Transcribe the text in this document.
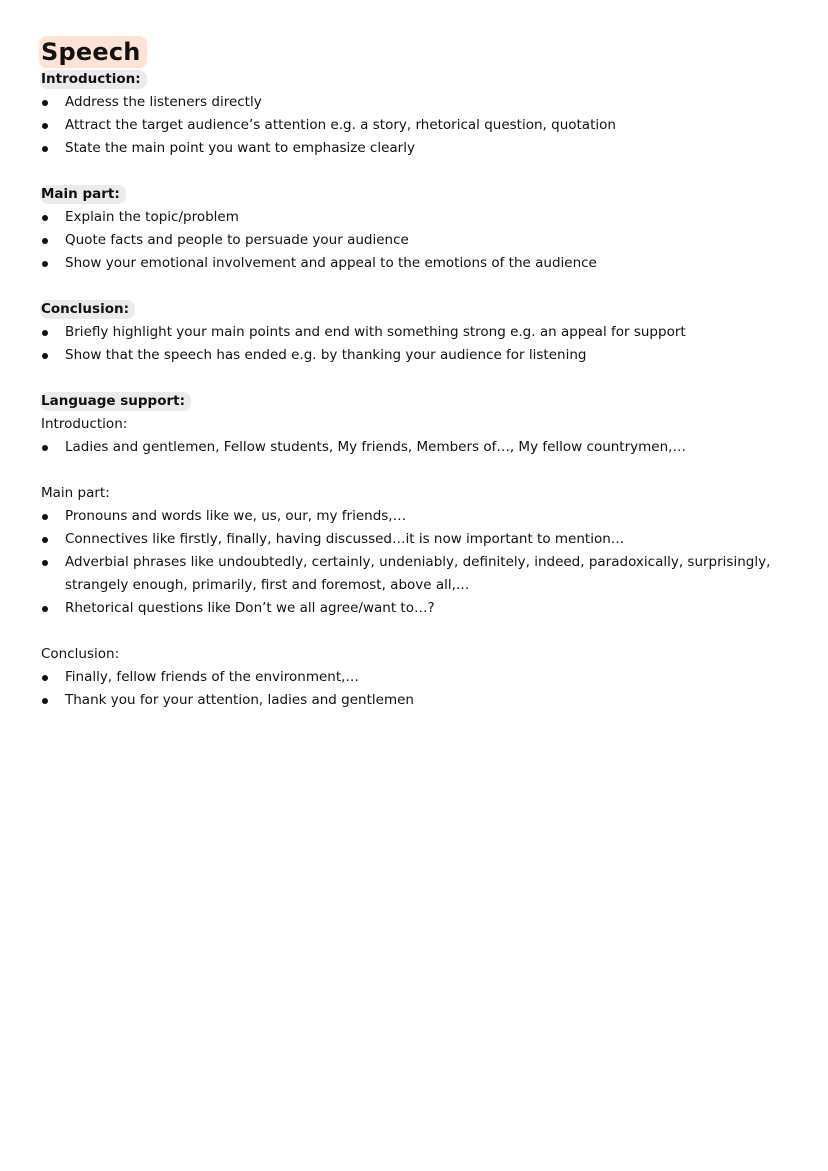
Speech
Introduction:
Address the listeners directly
Attract the target audience’s attention e.g. a story, rhetorical question, quotation
State the main point you want to emphasize clearly
Main part:
Explain the topic/problem
Quote facts and people to persuade your audience
Show your emotional involvement and appeal to the emotions of the audience
Conclusion:
Briefly highlight your main points and end with something strong e.g. an appeal for support
Show that the speech has ended e.g. by thanking your audience for listening
Language support:
Introduction:
Ladies and gentlemen, Fellow students, My friends, Members of…, My fellow countrymen,…
Main part:
Pronouns and words like we, us, our, my friends,…
Connectives like firstly, finally, having discussed…it is now important to mention…
Adverbial phrases like undoubtedly, certainly, undeniably, definitely, indeed, paradoxically, surprisingly, strangely enough, primarily, first and foremost, above all,…
Rhetorical questions like Don’t we all agree/want to…?
Conclusion:
Finally, fellow friends of the environment,…
Thank you for your attention, ladies and gentlemen
